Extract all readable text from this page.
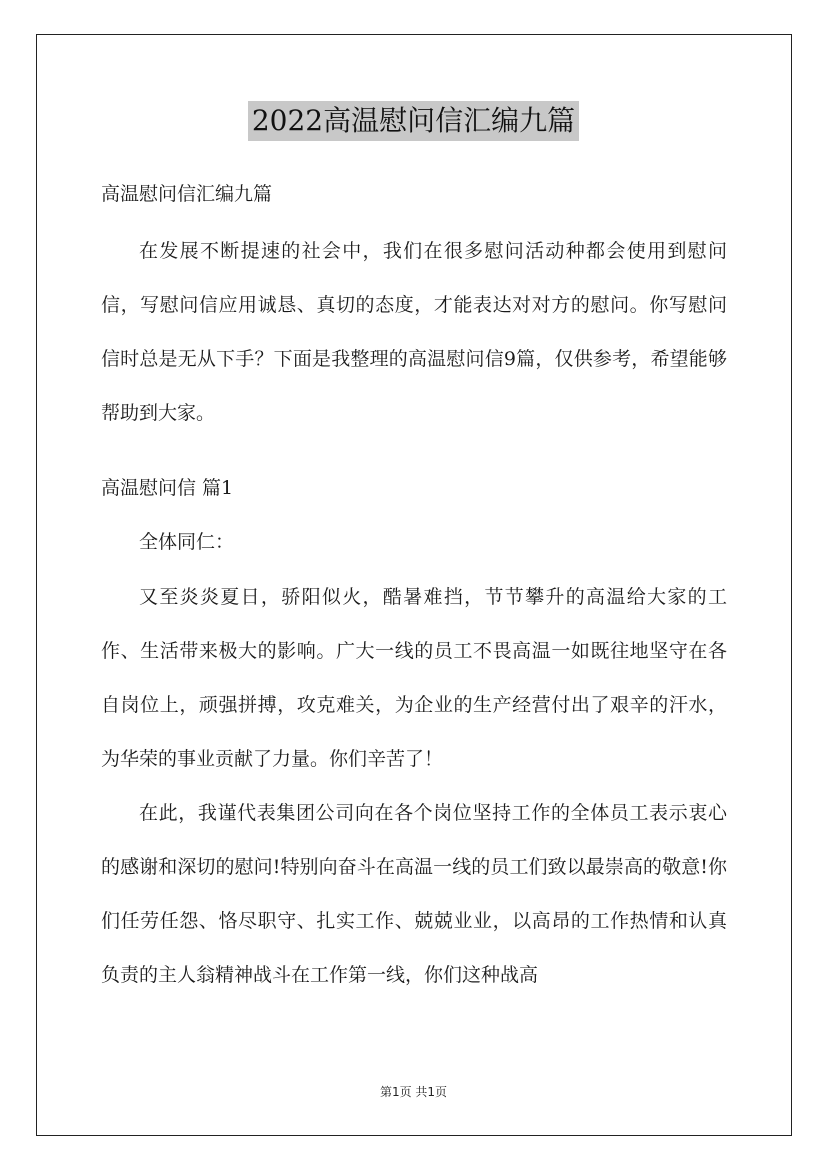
2022高温慰问信汇编九篇

高温慰问信汇编九篇

在发展不断提速的社会中，我们在很多慰问活动种都会使用到慰问信，写慰问信应用诚恳、真切的态度，才能表达对对方的慰问。你写慰问信时总是无从下手？下面是我整理的高温慰问信9篇，仅供参考，希望能够帮助到大家。

高温慰问信 篇1

全体同仁：

又至炎炎夏日，骄阳似火，酷暑难挡，节节攀升的高温给大家的工作、生活带来极大的影响。广大一线的员工不畏高温一如既往地坚守在各自岗位上，顽强拼搏，攻克难关，为企业的生产经营付出了艰辛的汗水，为华荣的事业贡献了力量。你们辛苦了！

在此，我谨代表集团公司向在各个岗位坚持工作的全体员工表示衷心的感谢和深切的慰问!特别向奋斗在高温一线的员工们致以最崇高的敬意!你们任劳任怨、恪尽职守、扎实工作、兢兢业业，以高昂的工作热情和认真负责的主人翁精神战斗在工作第一线，你们这种战高

第1页 共1页
